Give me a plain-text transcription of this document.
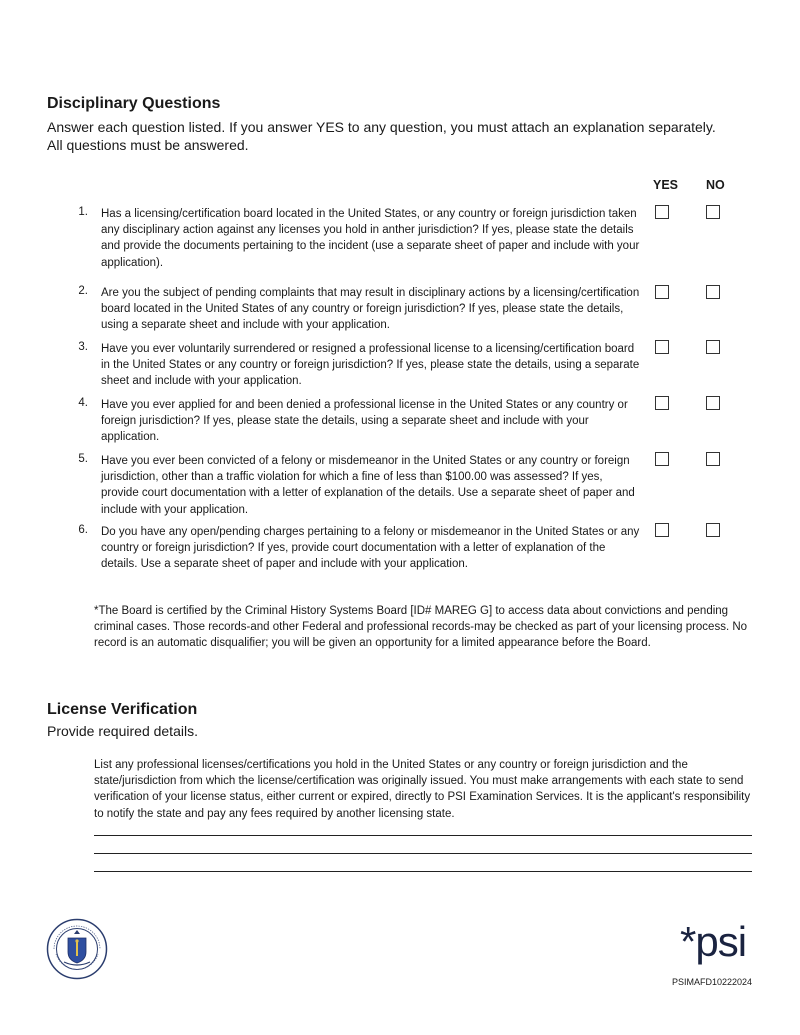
Disciplinary Questions
Answer each question listed. If you answer YES to any question, you must attach an explanation separately.
All questions must be answered.
YES NO
1. Has a licensing/certification board located in the United States, or any country or foreign jurisdiction taken any disciplinary action against any licenses you hold in anther jurisdiction? If yes, please state the details and provide the documents pertaining to the incident (use a separate sheet of paper and include with your application).
2. Are you the subject of pending complaints that may result in disciplinary actions by a licensing/certification board located in the United States of any country or foreign jurisdiction? If yes, please state the details, using a separate sheet and include with your application.
3. Have you ever voluntarily surrendered or resigned a professional license to a licensing/certification board in the United States or any country or foreign jurisdiction? If yes, please state the details, using a separate sheet and include with your application.
4. Have you ever applied for and been denied a professional license in the United States or any country or foreign jurisdiction? If yes, please state the details, using a separate sheet and include with your application.
5. Have you ever been convicted of a felony or misdemeanor in the United States or any country or foreign jurisdiction, other than a traffic violation for which a fine of less than $100.00 was assessed? If yes, provide court documentation with a letter of explanation of the details. Use a separate sheet of paper and include with your application.
6. Do you have any open/pending charges pertaining to a felony or misdemeanor in the United States or any country or foreign jurisdiction? If yes, provide court documentation with a letter of explanation of the details. Use a separate sheet of paper and include with your application.
*The Board is certified by the Criminal History Systems Board [ID# MAREG G] to access data about convictions and pending criminal cases. Those records-and other Federal and professional records-may be checked as part of your licensing process. No record is an automatic disqualifier; you will be given an opportunity for a limited appearance before the Board.
License Verification
Provide required details.
List any professional licenses/certifications you hold in the United States or any country or foreign jurisdiction and the state/jurisdiction from which the license/certification was originally issued. You must make arrangements with each state to send verification of your license status, either current or expired, directly to PSI Examination Services. It is the applicant's responsibility to notify the state and pay any fees required by another licensing state.
*psi
PSIMAFD10222024
